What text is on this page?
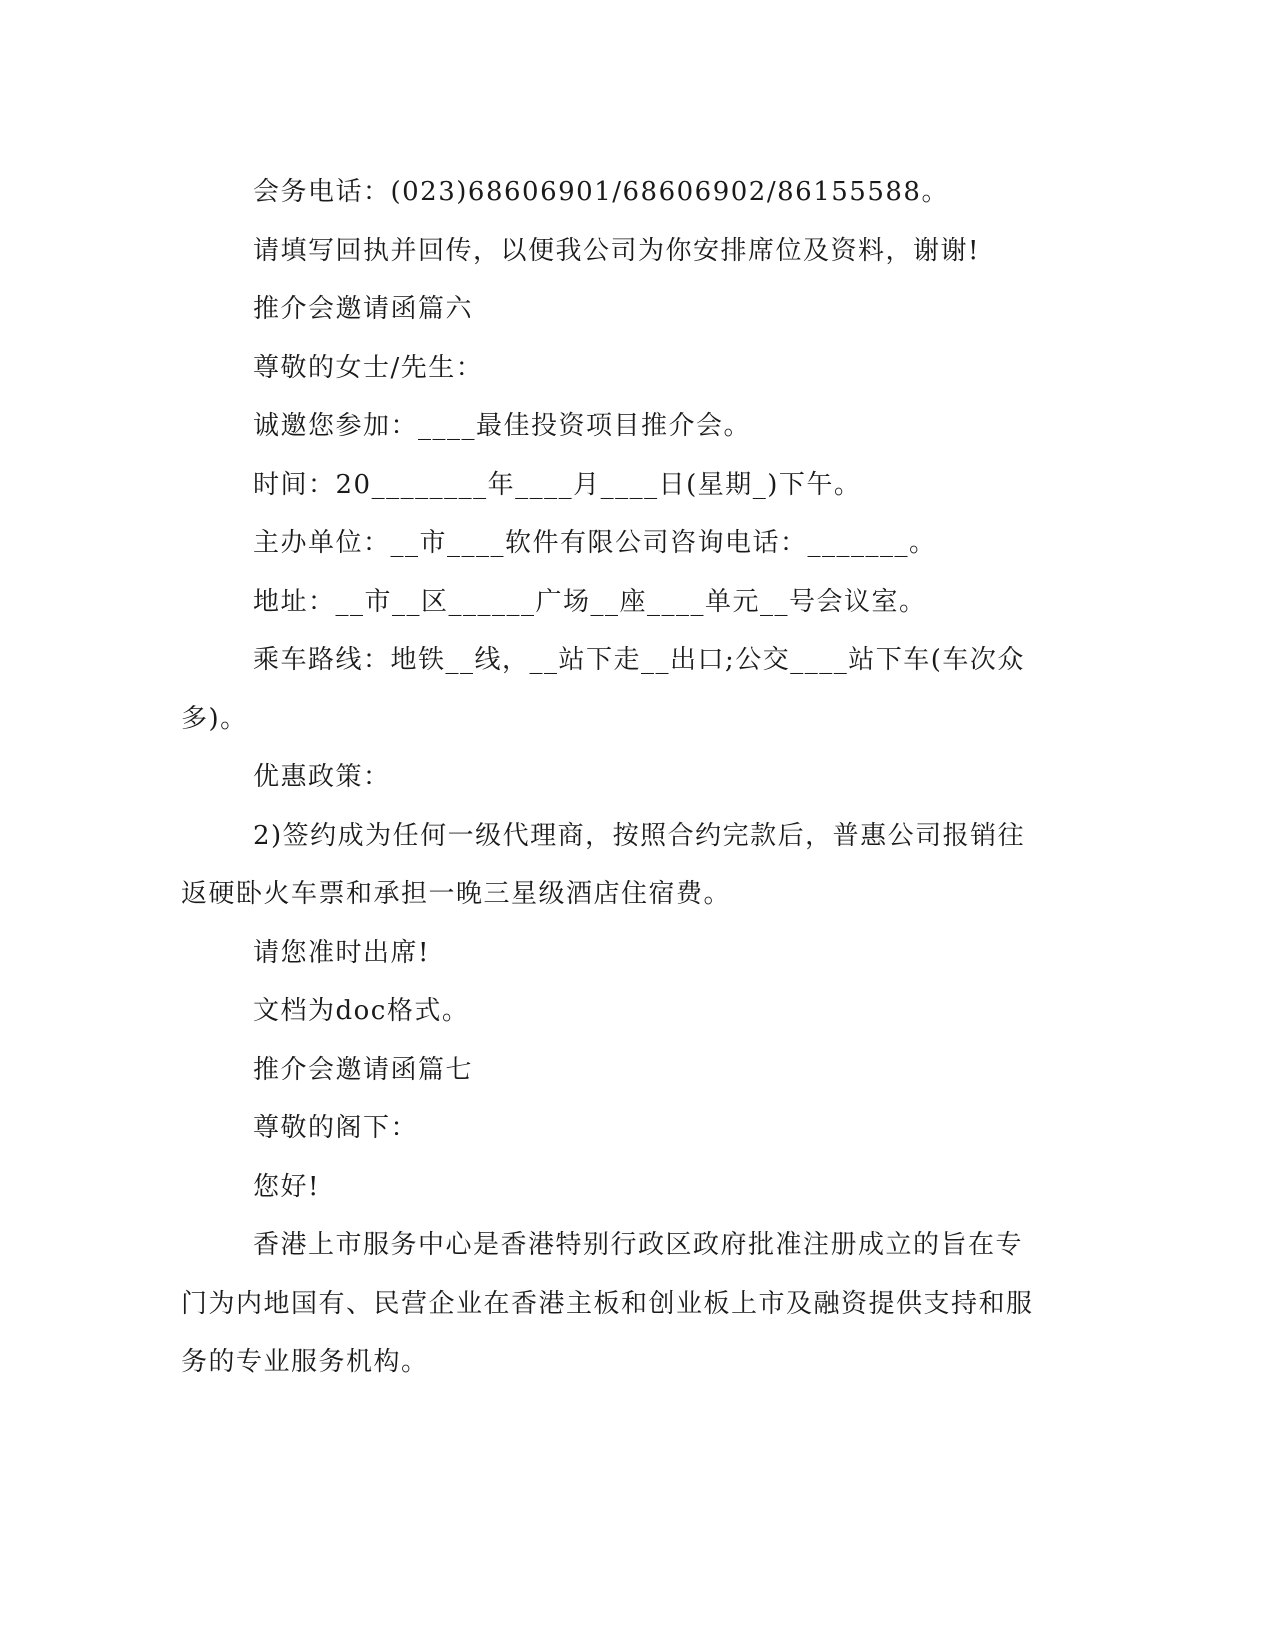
会务电话：(023)68606901/68606902/86155588。

请填写回执并回传，以便我公司为你安排席位及资料，谢谢!

推介会邀请函篇六

尊敬的女士/先生：

诚邀您参加：____最佳投资项目推介会。

时间：20________年____月____日(星期_)下午。

主办单位：__市____软件有限公司咨询电话：_______。

地址：__市__区______广场__座____单元__号会议室。

乘车路线：地铁__线，__站下走__出口;公交____站下车(车次众多)。

优惠政策：

2)签约成为任何一级代理商，按照合约完款后，普惠公司报销往返硬卧火车票和承担一晚三星级酒店住宿费。

请您准时出席!

文档为doc格式。

推介会邀请函篇七

尊敬的阁下：

您好!

香港上市服务中心是香港特别行政区政府批准注册成立的旨在专门为内地国有、民营企业在香港主板和创业板上市及融资提供支持和服务的专业服务机构。
